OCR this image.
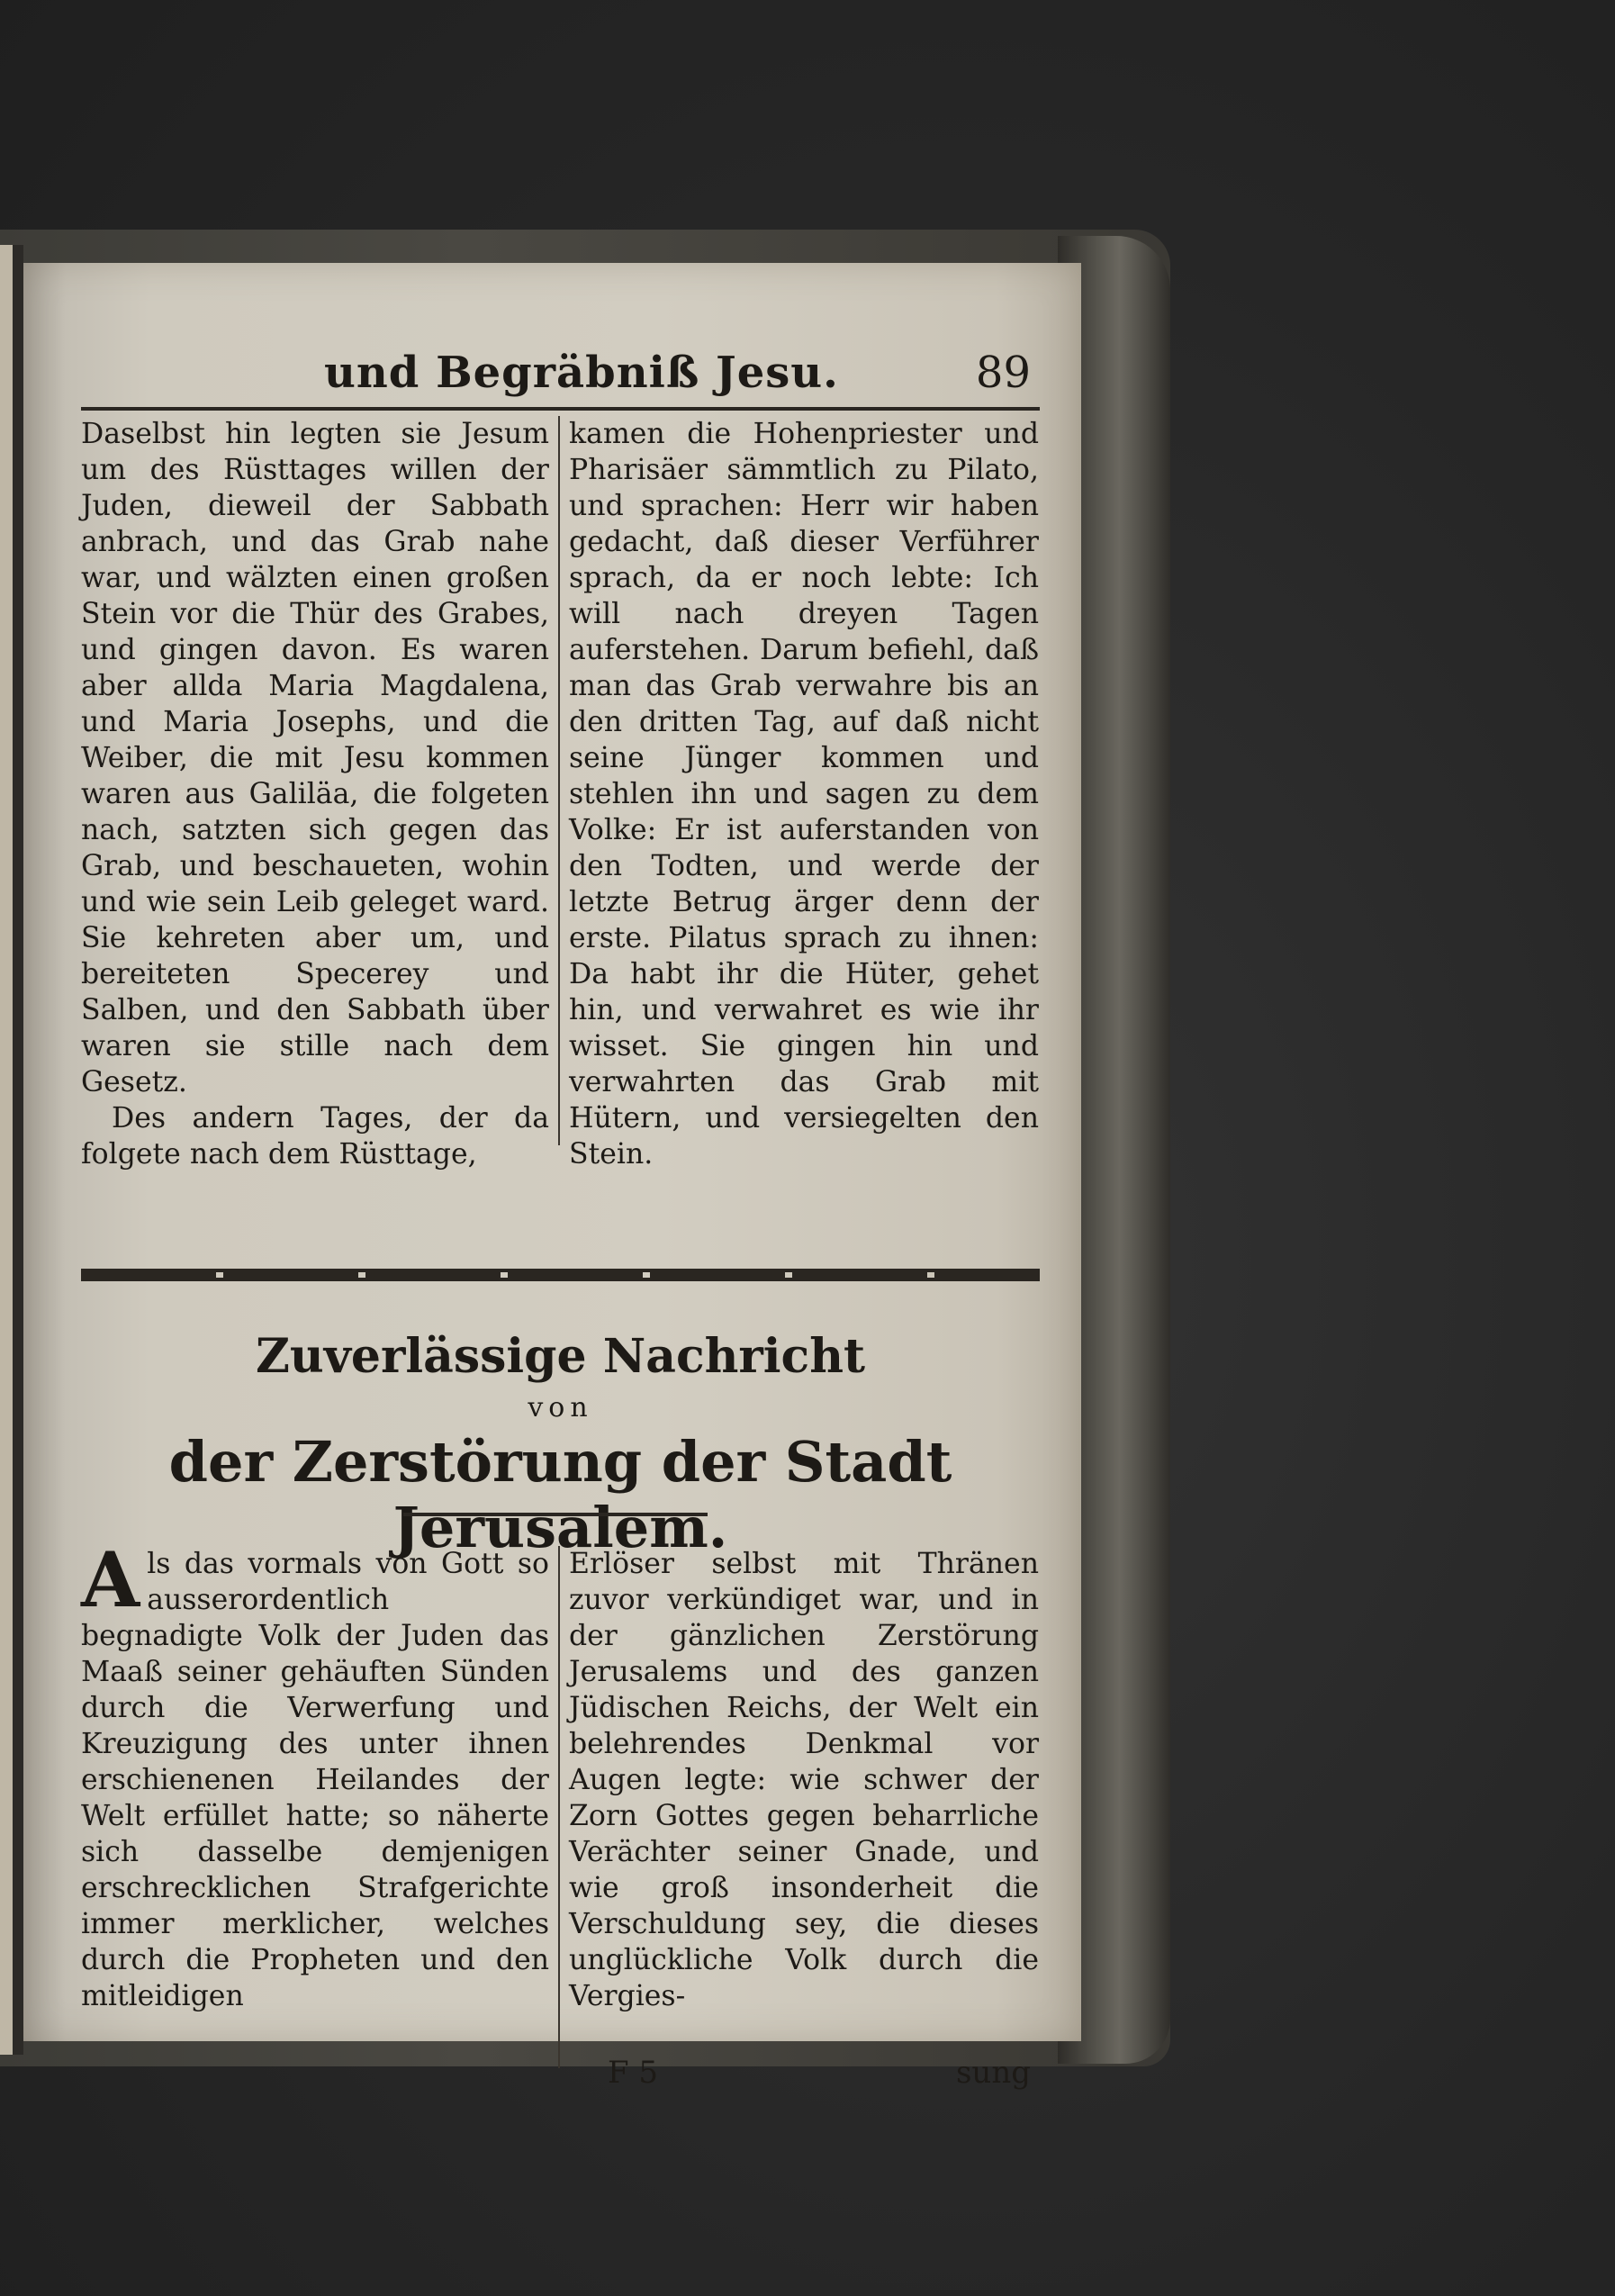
und Begräbniß Jesu.	89

Daselbst hin legten sie Jesum um des Rüsttages willen der Juden, dieweil der Sabbath anbrach, und das Grab nahe war, und wälzten einen großen Stein vor die Thür des Grabes, und gingen davon. Es waren aber allda Maria Magdalena, und Maria Josephs, und die Weiber, die mit Jesu kommen waren aus Galiläa, die folgeten nach, satzten sich gegen das Grab, und beschaueten, wohin und wie sein Leib geleget ward. Sie kehreten aber um, und bereiteten Specerey und Salben, und den Sabbath über waren sie stille nach dem Gesetz.

Des andern Tages, der da folgete nach dem Rüsttage,

kamen die Hohenpriester und Pharisäer sämmtlich zu Pilato, und sprachen: Herr wir haben gedacht, daß dieser Verführer sprach, da er noch lebte: Ich will nach dreyen Tagen auferstehen. Darum befiehl, daß man das Grab verwahre bis an den dritten Tag, auf daß nicht seine Jünger kommen und stehlen ihn und sagen zu dem Volke: Er ist auferstanden von den Todten, und werde der letzte Betrug ärger denn der erste. Pilatus sprach zu ihnen: Da habt ihr die Hüter, gehet hin, und verwahret es wie ihr wisset. Sie gingen hin und verwahrten das Grab mit Hütern, und versiegelten den Stein.

Zuverlässige Nachricht
von
der Zerstörung der Stadt Jerusalem.

Als das vormals von Gott so ausserordentlich begnadigte Volk der Juden das Maaß seiner gehäuften Sünden durch die Verwerfung und Kreuzigung des unter ihnen erschienenen Heilandes der Welt erfüllet hatte; so näherte sich dasselbe demjenigen erschrecklichen Strafgerichte immer merklicher, welches durch die Propheten und den mitleidigen

Erlöser selbst mit Thränen zuvor verkündiget war, und in der gänzlichen Zerstörung Jerusalems und des ganzen Jüdischen Reichs, der Welt ein belehrendes Denkmal vor Augen legte: wie schwer der Zorn Gottes gegen beharrliche Verächter seiner Gnade, und wie groß insonderheit die Verschuldung sey, die dieses unglückliche Volk durch die Vergies-

F 5	sung
